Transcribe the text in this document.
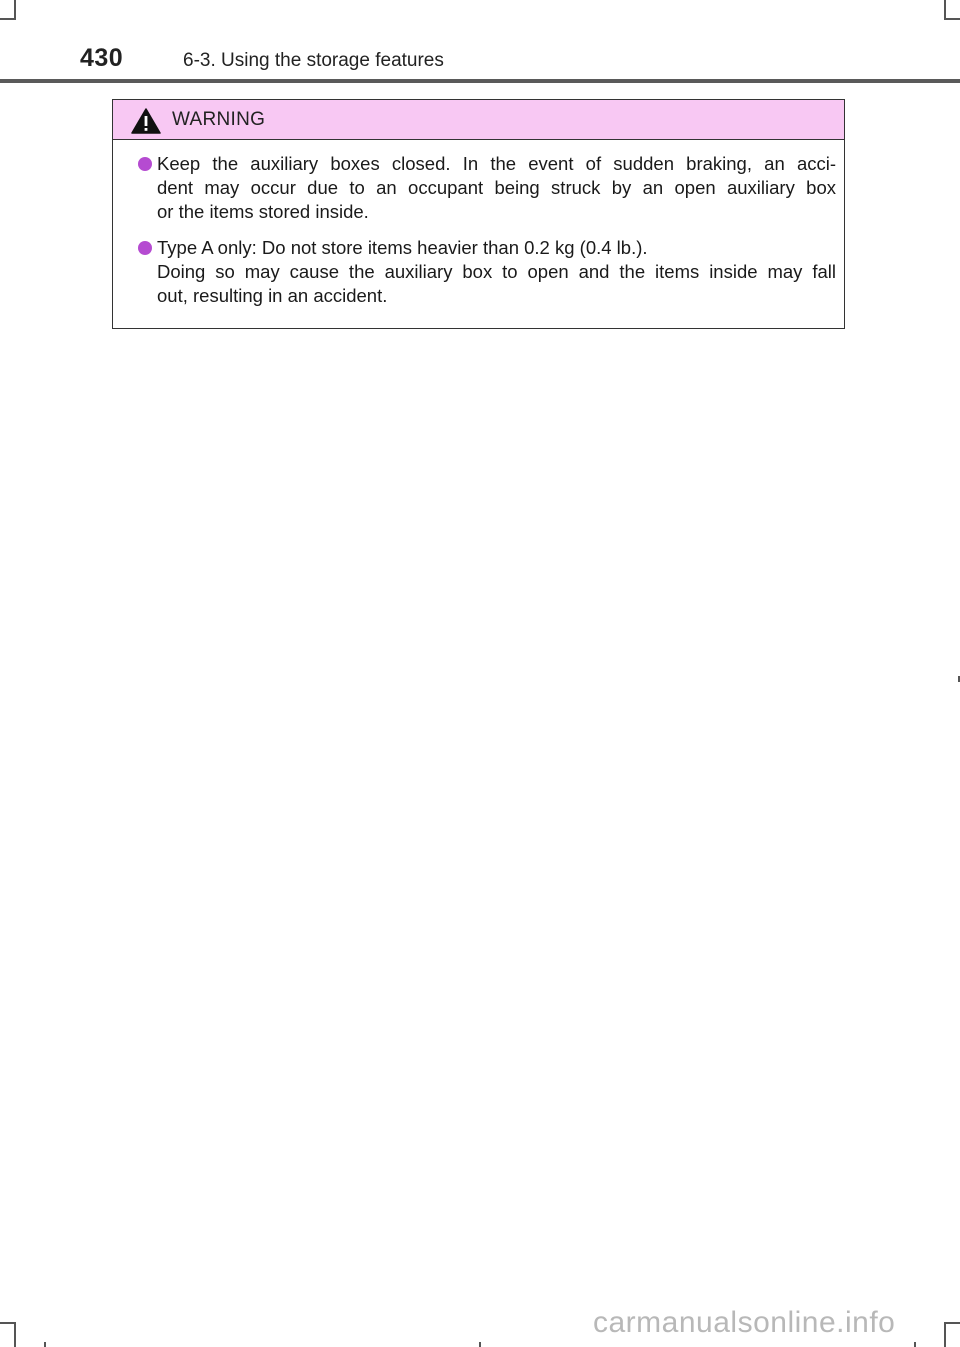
430	6-3. Using the storage features
WARNING
Keep the auxiliary boxes closed. In the event of sudden braking, an acci-
dent may occur due to an occupant being struck by an open auxiliary box
or the items stored inside.
Type A only: Do not store items heavier than 0.2 kg (0.4 lb.).
Doing so may cause the auxiliary box to open and the items inside may fall
out, resulting in an accident.
carmanualsonline.info
